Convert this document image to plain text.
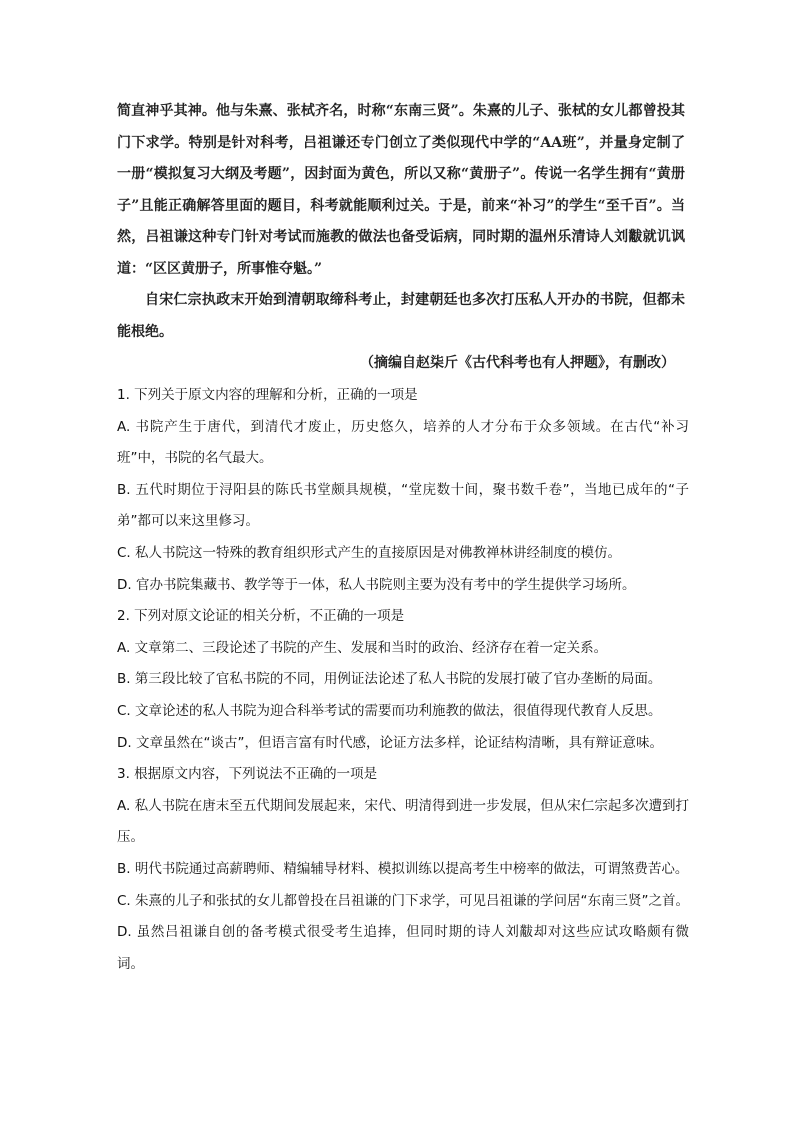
简直神乎其神。他与朱熹、张栻齐名，时称“东南三贤”。朱熹的儿子、张栻的女儿都曾投其门下求学。特别是针对科考，吕祖谦还专门创立了类似现代中学的“AA班”，并量身定制了一册“模拟复习大纲及考题”，因封面为黄色，所以又称“黄册子”。传说一名学生拥有“黄册子”且能正确解答里面的题目，科考就能顺利过关。于是，前来“补习”的学生“至千百”。当然，吕祖谦这种专门针对考试而施教的做法也备受诟病，同时期的温州乐清诗人刘黻就讥讽道：“区区黄册子，所事惟夺魁。”

自宋仁宗执政末开始到清朝取缔科考止，封建朝廷也多次打压私人开办的书院，但都未能根绝。

（摘编自赵柒斤《古代科考也有人押题》，有删改）

1. 下列关于原文内容的理解和分析，正确的一项是

A. 书院产生于唐代，到清代才废止，历史悠久，培养的人才分布于众多领域。在古代“补习班”中，书院的名气最大。

B. 五代时期位于浔阳县的陈氏书堂颇具规模，“堂庑数十间，聚书数千卷”，当地已成年的“子弟”都可以来这里修习。

C. 私人书院这一特殊的教育组织形式产生的直接原因是对佛教禅林讲经制度的模仿。

D. 官办书院集藏书、教学等于一体，私人书院则主要为没有考中的学生提供学习场所。

2. 下列对原文论证的相关分析，不正确的一项是

A. 文章第二、三段论述了书院的产生、发展和当时的政治、经济存在着一定关系。

B. 第三段比较了官私书院的不同，用例证法论述了私人书院的发展打破了官办垄断的局面。

C. 文章论述的私人书院为迎合科举考试的需要而功利施教的做法，很值得现代教育人反思。

D. 文章虽然在“谈古”，但语言富有时代感，论证方法多样，论证结构清晰，具有辩证意味。

3. 根据原文内容，下列说法不正确的一项是

A. 私人书院在唐末至五代期间发展起来，宋代、明清得到进一步发展，但从宋仁宗起多次遭到打压。

B. 明代书院通过高薪聘师、精编辅导材料、模拟训练以提高考生中榜率的做法，可谓煞费苦心。

C. 朱熹的儿子和张拭的女儿都曾投在吕祖谦的门下求学，可见吕祖谦的学问居“东南三贤”之首。

D. 虽然吕祖谦自创的备考模式很受考生追捧，但同时期的诗人刘黻却对这些应试攻略颇有微词。
